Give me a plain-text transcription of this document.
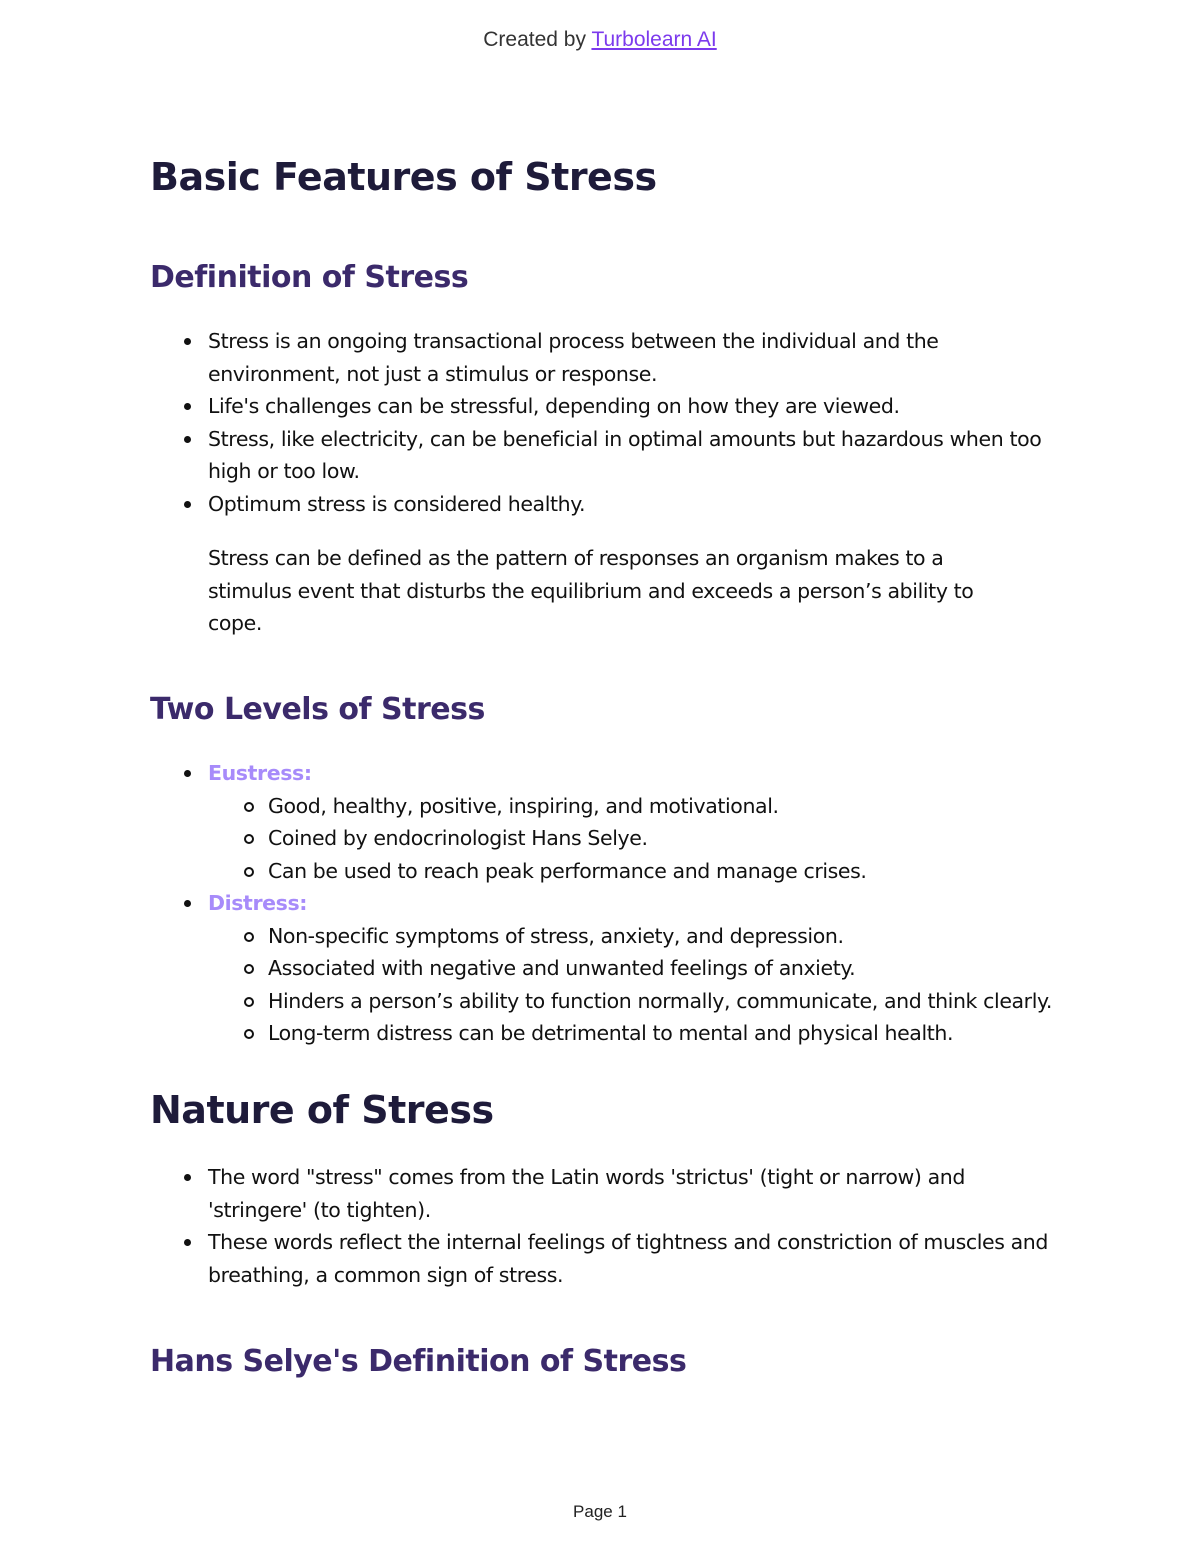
Created by Turbolearn AI
Basic Features of Stress
Definition of Stress
Stress is an ongoing transactional process between the individual and the environment, not just a stimulus or response.
Life's challenges can be stressful, depending on how they are viewed.
Stress, like electricity, can be beneficial in optimal amounts but hazardous when too high or too low.
Optimum stress is considered healthy.

Stress can be defined as the pattern of responses an organism makes to a stimulus event that disturbs the equilibrium and exceeds a person’s ability to cope.

Two Levels of Stress
Eustress:
Good, healthy, positive, inspiring, and motivational.
Coined by endocrinologist Hans Selye.
Can be used to reach peak performance and manage crises.
Distress:
Non-specific symptoms of stress, anxiety, and depression.
Associated with negative and unwanted feelings of anxiety.
Hinders a person’s ability to function normally, communicate, and think clearly.
Long-term distress can be detrimental to mental and physical health.
Nature of Stress
The word "stress" comes from the Latin words 'strictus' (tight or narrow) and 'stringere' (to tighten).
These words reflect the internal feelings of tightness and constriction of muscles and breathing, a common sign of stress.
Hans Selye's Definition of Stress
Page 1
